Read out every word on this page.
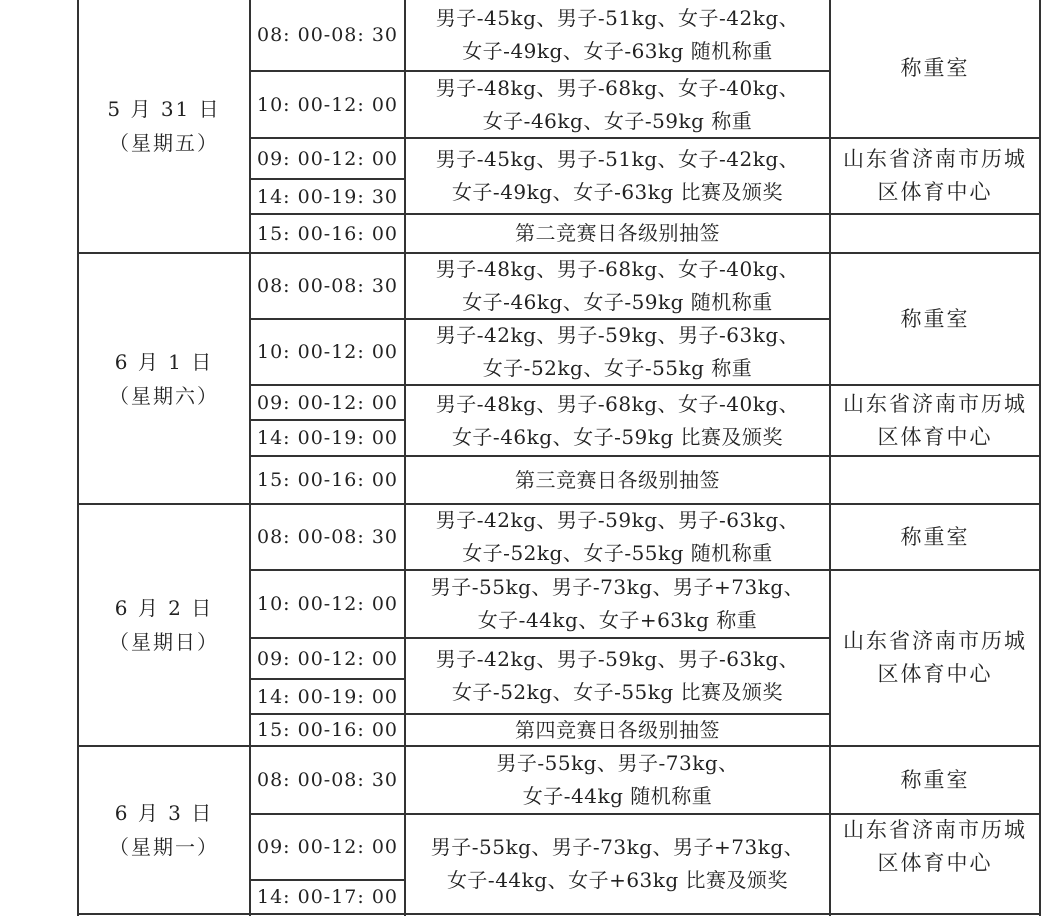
5 月 31 日
（星期五）
6 月 1 日
（星期六）
6 月 2 日
（星期日）
6 月 3 日
（星期一）
08: 00-08: 30
10: 00-12: 00
09: 00-12: 00
14: 00-19: 30
15: 00-16: 00
08: 00-08: 30
10: 00-12: 00
09: 00-12: 00
14: 00-19: 00
15: 00-16: 00
08: 00-08: 30
10: 00-12: 00
09: 00-12: 00
14: 00-19: 00
15: 00-16: 00
08: 00-08: 30
09: 00-12: 00
14: 00-17: 00
男子-45kg、男子-51kg、女子-42kg、
女子-49kg、女子-63kg 随机称重
男子-48kg、男子-68kg、女子-40kg、
女子-46kg、女子-59kg 称重
男子-45kg、男子-51kg、女子-42kg、
女子-49kg、女子-63kg 比赛及颁奖
第二竞赛日各级别抽签
男子-48kg、男子-68kg、女子-40kg、
女子-46kg、女子-59kg 随机称重
男子-42kg、男子-59kg、男子-63kg、
女子-52kg、女子-55kg 称重
男子-48kg、男子-68kg、女子-40kg、
女子-46kg、女子-59kg 比赛及颁奖
第三竞赛日各级别抽签
男子-42kg、男子-59kg、男子-63kg、
女子-52kg、女子-55kg 随机称重
男子-55kg、男子-73kg、男子+73kg、
女子-44kg、女子+63kg 称重
男子-42kg、男子-59kg、男子-63kg、
女子-52kg、女子-55kg 比赛及颁奖
第四竞赛日各级别抽签
男子-55kg、男子-73kg、
女子-44kg 随机称重
男子-55kg、男子-73kg、男子+73kg、
女子-44kg、女子+63kg 比赛及颁奖
称重室
山东省济南市历城
区体育中心
称重室
山东省济南市历城
区体育中心
称重室
山东省济南市历城
区体育中心
称重室
山东省济南市历城
区体育中心
